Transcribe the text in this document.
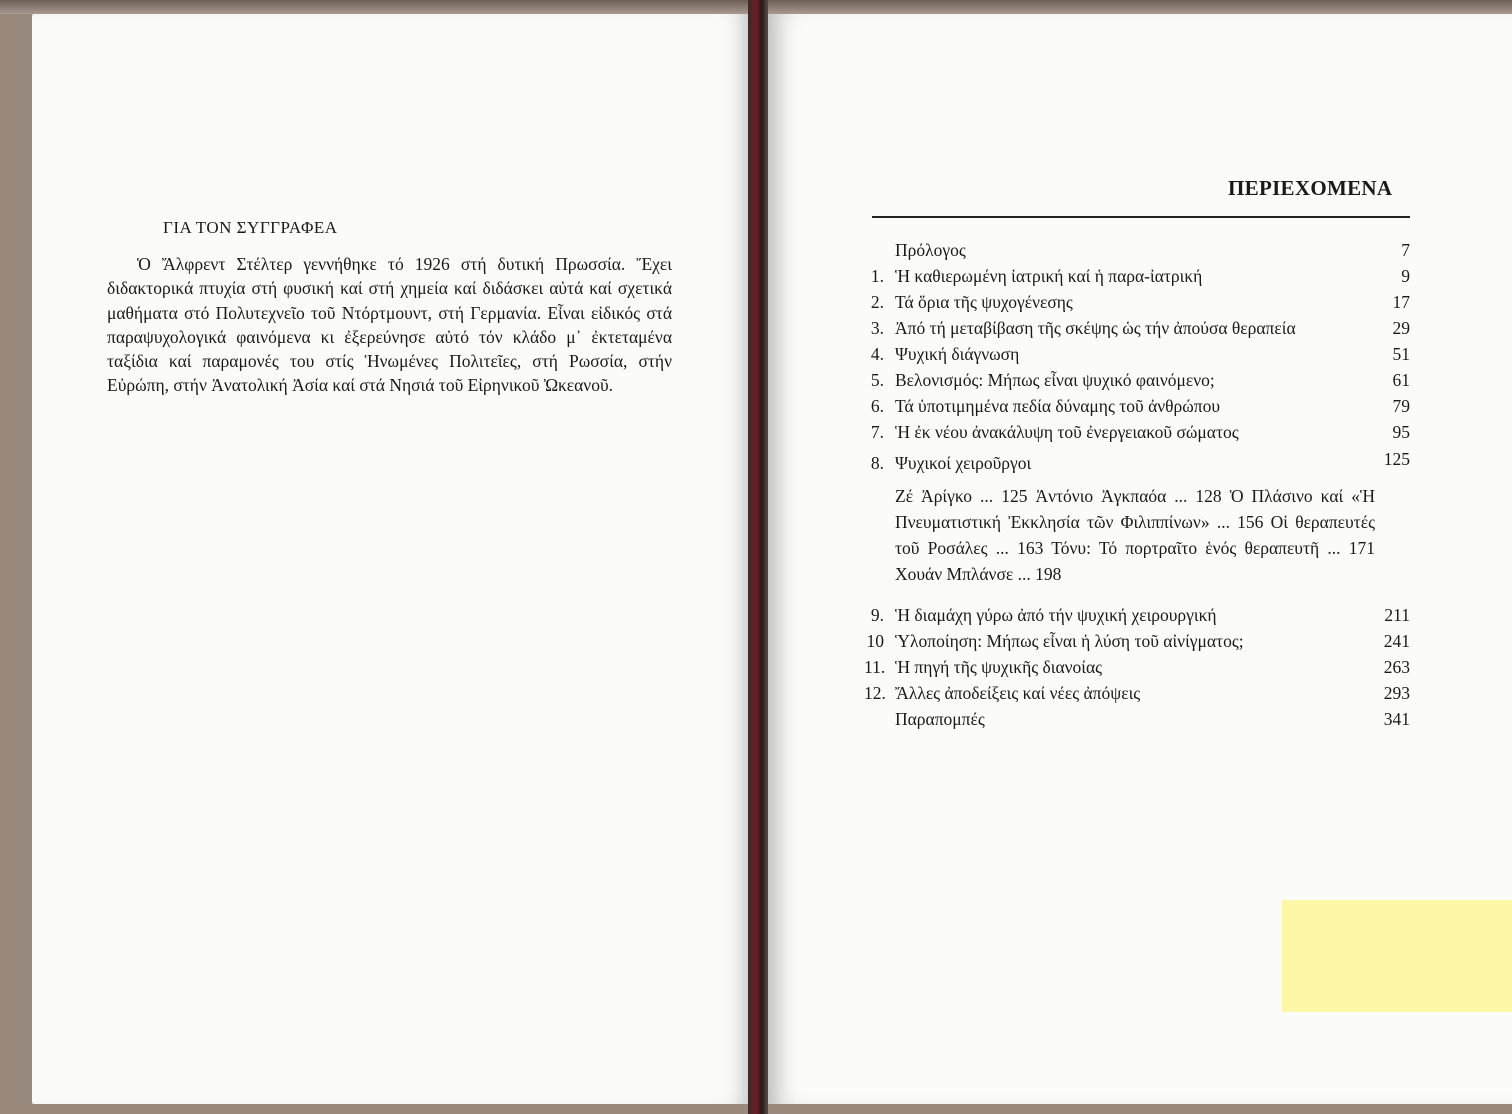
ΓΙΑ ΤΟΝ ΣΥΓΓΡΑΦΕΑ

Ὁ Ἄλφρεντ Στέλτερ γεννήθηκε τό 1926 στή δυτική Πρωσσία. Ἔχει διδακτορικά πτυχία στή φυσική καί στή χημεία καί διδάσκει αὐτά καί σχετικά μαθήματα στό Πολυτεχνεῖο τοῦ Ντόρτμουντ, στή Γερμανία. Εἶναι εἰδικός στά παραψυχολογικά φαινόμενα κι ἐξερεύνησε αὐτό τόν κλάδο μ᾿ ἐκτεταμένα ταξίδια καί παραμονές του στίς Ἡνωμένες Πολιτεῖες, στή Ρωσσία, στήν Εὐρώπη, στήν Ἀνατολική Ἀσία καί στά Νησιά τοῦ Εἰρηνικοῦ Ὠκεανοῦ.

ΠΕΡΙΕΧΟΜΕΝΑ
Πρόλογος	7
1. Ἡ καθιερωμένη ἰατρική καί ἡ παρα-ἰατρική	9
2. Τά ὅρια τῆς ψυχογένεσης	17
3. Ἀπό τή μεταβίβαση τῆς σκέψης ὡς τήν ἀπούσα θεραπεία	29
4. Ψυχική διάγνωση	51
5. Βελονισμός: Μήπως εἶναι ψυχικό φαινόμενο;	61
6. Τά ὑποτιμημένα πεδία δύναμης τοῦ ἀνθρώπου	79
7. Ἡ ἐκ νέου ἀνακάλυψη τοῦ ἐνεργειακοῦ σώματος	95
8. Ψυχικοί χειροῦργοι	125

Ζέ Ἀρίγκο ... 125 Ἀντόνιο Ἀγκπαόα ... 128 Ὁ Πλάσινο καί «Ἡ Πνευματιστική Ἐκκλησία τῶν Φιλιππίνων» ... 156 Οἱ θεραπευτές τοῦ Ροσάλες ... 163 Τόνυ: Τό πορτραῖτο ἑνός θεραπευτῆ ... 171 Χουάν Μπλάνσε ... 198

9. Ἡ διαμάχη γύρω ἀπό τήν ψυχική χειρουργική	211
10 Ὑλοποίηση: Μήπως εἶναι ἡ λύση τοῦ αἰνίγματος;	241
11. Ἡ πηγή τῆς ψυχικῆς διανοίας	263
12. Ἄλλες ἀποδείξεις καί νέες ἀπόψεις	293
Παραπομπές	341
